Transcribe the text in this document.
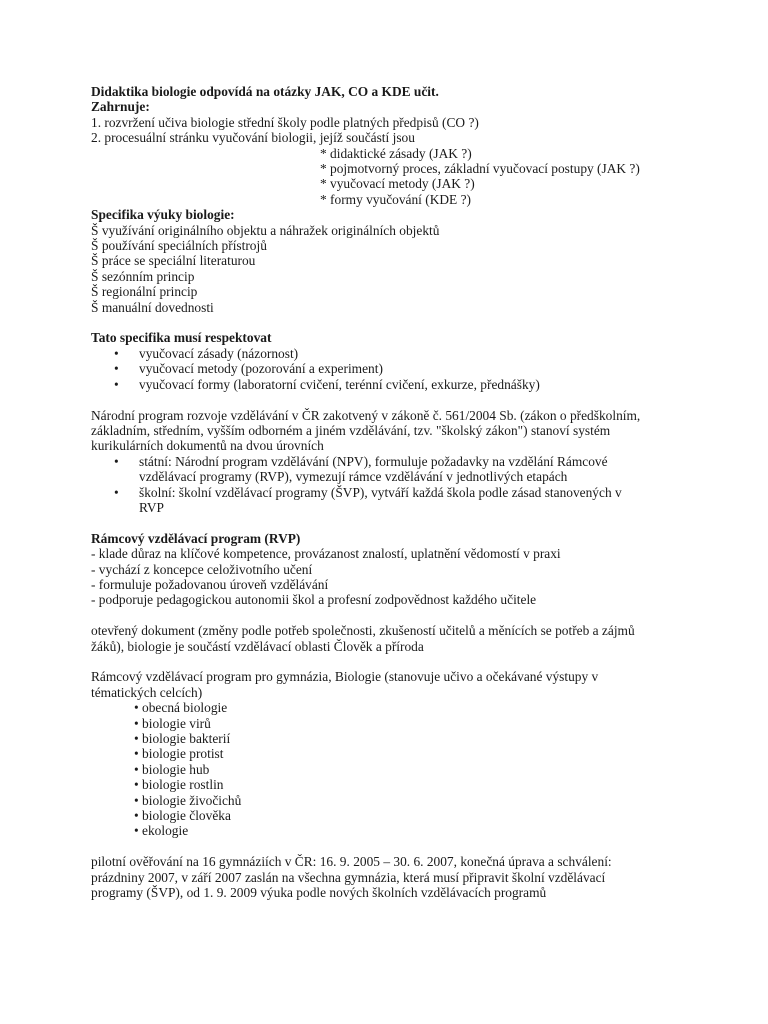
Didaktika biologie odpovídá na otázky JAK, CO a KDE učit.

Zahrnuje:

1. rozvržení učiva biologie střední školy podle platných předpisů (CO ?)

2. procesuální stránku vyučování biologii, jejíž součástí jsou

* didaktické zásady (JAK ?)

* pojmotvorný proces, základní vyučovací postupy (JAK ?)

* vyučovací metody (JAK ?)

* formy vyučování (KDE ?)

Specifika výuky biologie:

Š využívání originálního objektu a náhražek originálních objektů

Š používání speciálních přístrojů

Š práce se speciální literaturou

Š sezónním princip

Š regionální princip

Š manuální dovednosti

Tato specifika musí respektovat

• vyučovací zásady (názornost)

• vyučovací metody (pozorování a experiment)

• vyučovací formy (laboratorní cvičení, terénní cvičení, exkurze, přednášky)

Národní program rozvoje vzdělávání v ČR zakotvený v zákoně č. 561/2004 Sb. (zákon o předškolním,

základním, středním, vyšším odborném a jiném vzdělávání, tzv. "školský zákon") stanoví systém

kurikulárních dokumentů na dvou úrovních

• státní: Národní program vzdělávání (NPV), formuluje požadavky na vzdělání Rámcové

vzdělávací programy (RVP), vymezují rámce vzdělávání v jednotlivých etapách

• školní: školní vzdělávací programy (ŠVP), vytváří každá škola podle zásad stanovených v

RVP

Rámcový vzdělávací program (RVP)

- klade důraz na klíčové kompetence, provázanost znalostí, uplatnění vědomostí v praxi

- vychází z koncepce celoživotního učení

- formuluje požadovanou úroveň vzdělávání

- podporuje pedagogickou autonomii škol a profesní zodpovědnost každého učitele

otevřený dokument (změny podle potřeb společnosti, zkušeností učitelů a měnících se potřeb a zájmů

žáků), biologie je součástí vzdělávací oblasti Člověk a příroda

Rámcový vzdělávací program pro gymnázia, Biologie (stanovuje učivo a očekávané výstupy v

tématických celcích)

• obecná biologie

• biologie virů

• biologie bakterií

• biologie protist

• biologie hub

• biologie rostlin

• biologie živočichů

• biologie člověka

• ekologie

pilotní ověřování na 16 gymnáziích v ČR: 16. 9. 2005 – 30. 6. 2007, konečná úprava a schválení:

prázdniny 2007, v září 2007 zaslán na všechna gymnázia, která musí připravit školní vzdělávací

programy (ŠVP), od 1. 9. 2009 výuka podle nových školních vzdělávacích programů
